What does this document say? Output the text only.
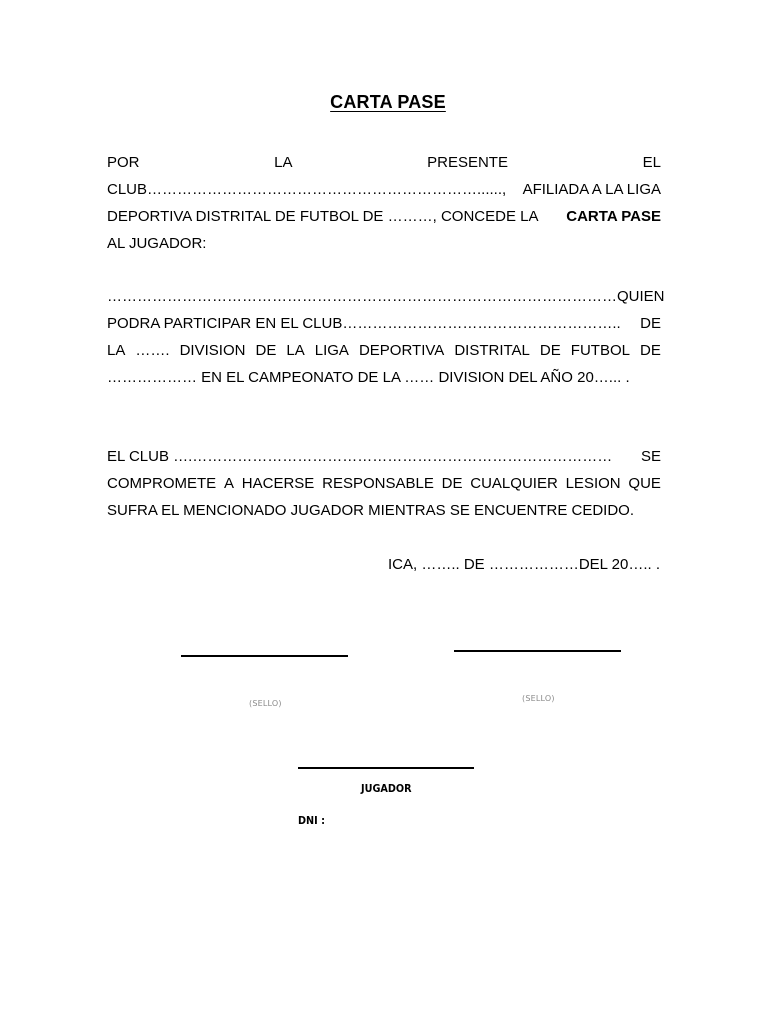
CARTA PASE
POR	LA	PRESENTE	EL
CLUB…………………………………………………………......, AFILIADA A LA LIGA
DEPORTIVA DISTRITAL DE FUTBOL DE ………, CONCEDE LA CARTA PASE
AL JUGADOR:
…………………………………………………………………………………………QUIEN
PODRA PARTICIPAR EN EL CLUB……………………………………………….. DE
LA ……. DIVISION DE LA LIGA DEPORTIVA DISTRITAL DE FUTBOL DE
……………… EN EL CAMPEONATO DE LA …… DIVISION DEL AÑO 20…... .
EL CLUB ….………………………………………………………………………… SE
COMPROMETE A HACERSE RESPONSABLE DE CUALQUIER LESION QUE
SUFRA EL MENCIONADO JUGADOR MIENTRAS SE ENCUENTRE CEDIDO.
ICA, …….. DE ………………DEL 20….. .
(SELLO)
(SELLO)
JUGADOR
DNI :
